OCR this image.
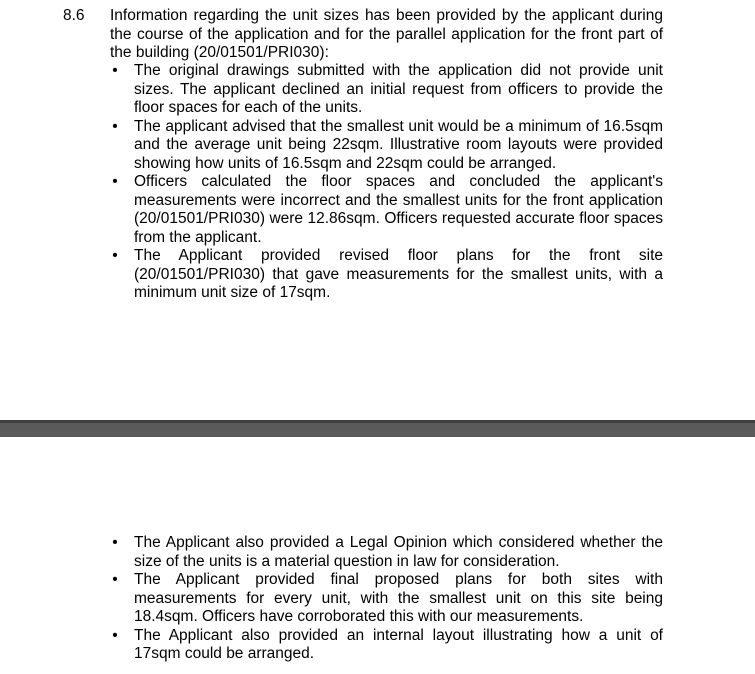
8.6 Information regarding the unit sizes has been provided by the applicant during the course of the application and for the parallel application for the front part of the building (20/01501/PRI030):
• The original drawings submitted with the application did not provide unit sizes. The applicant declined an initial request from officers to provide the floor spaces for each of the units.
• The applicant advised that the smallest unit would be a minimum of 16.5sqm and the average unit being 22sqm. Illustrative room layouts were provided showing how units of 16.5sqm and 22sqm could be arranged.
• Officers calculated the floor spaces and concluded the applicant's measurements were incorrect and the smallest units for the front application (20/01501/PRI030) were 12.86sqm. Officers requested accurate floor spaces from the applicant.
• The Applicant provided revised floor plans for the front site (20/01501/PRI030) that gave measurements for the smallest units, with a minimum unit size of 17sqm.
• The Applicant also provided a Legal Opinion which considered whether the size of the units is a material question in law for consideration.
• The Applicant provided final proposed plans for both sites with measurements for every unit, with the smallest unit on this site being 18.4sqm. Officers have corroborated this with our measurements.
• The Applicant also provided an internal layout illustrating how a unit of 17sqm could be arranged.
